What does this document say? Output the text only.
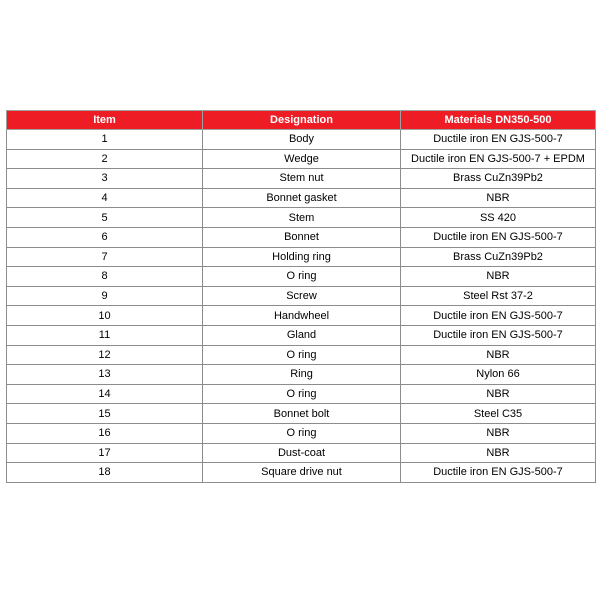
Item	Designation	Materials DN350-500
1	Body	Ductile iron EN GJS-500-7
2	Wedge	Ductile iron EN GJS-500-7 + EPDM
3	Stem nut	Brass CuZn39Pb2
4	Bonnet gasket	NBR
5	Stem	SS 420
6	Bonnet	Ductile iron EN GJS-500-7
7	Holding ring	Brass CuZn39Pb2
8	O ring	NBR
9	Screw	Steel Rst 37-2
10	Handwheel	Ductile iron EN GJS-500-7
11	Gland	Ductile iron EN GJS-500-7
12	O ring	NBR
13	Ring	Nylon 66
14	O ring	NBR
15	Bonnet bolt	Steel C35
16	O ring	NBR
17	Dust-coat	NBR
18	Square drive nut	Ductile iron EN GJS-500-7
